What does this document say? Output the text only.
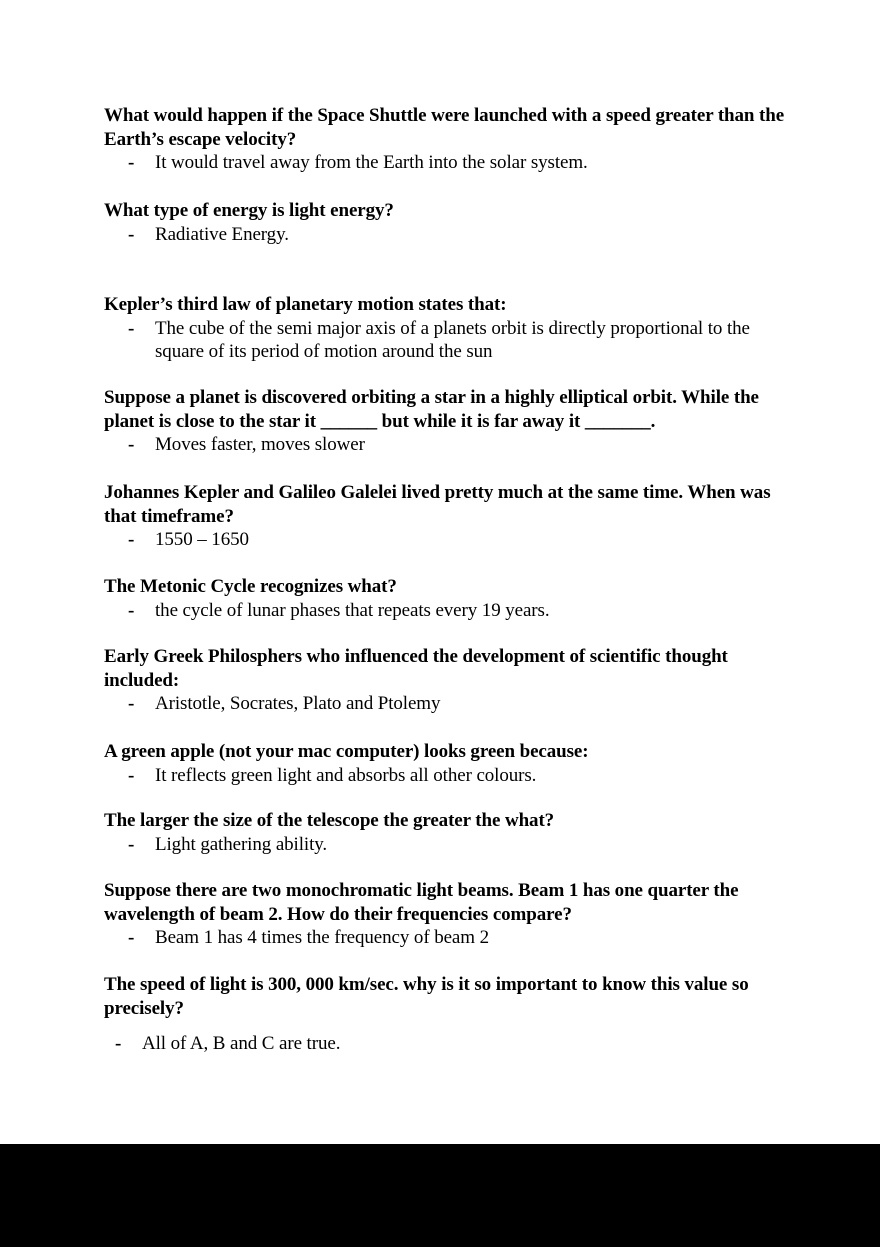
What would happen if the Space Shuttle were launched with a speed greater than the Earth’s escape velocity?

- It would travel away from the Earth into the solar system.

What type of energy is light energy?

- Radiative Energy.

Kepler’s third law of planetary motion states that:

- The cube of the semi major axis of a planets orbit is directly proportional to the square of its period of motion around the sun

Suppose a planet is discovered orbiting a star in a highly elliptical orbit. While the planet is close to the star it ______ but while it is far away it _______.

- Moves faster, moves slower

Johannes Kepler and Galileo Galelei lived pretty much at the same time. When was that timeframe?

- 1550 – 1650

The Metonic Cycle recognizes what?

- the cycle of lunar phases that repeats every 19 years.

Early Greek Philosphers who influenced the development of scientific thought included:

- Aristotle, Socrates, Plato and Ptolemy

A green apple (not your mac computer) looks green because:

- It reflects green light and absorbs all other colours.

The larger the size of the telescope the greater the what?

- Light gathering ability.

Suppose there are two monochromatic light beams. Beam 1 has one quarter the wavelength of beam 2. How do their frequencies compare?

- Beam 1 has 4 times the frequency of beam 2

The speed of light is 300, 000 km/sec. why is it so important to know this value so precisely?

- All of A, B and C are true.
